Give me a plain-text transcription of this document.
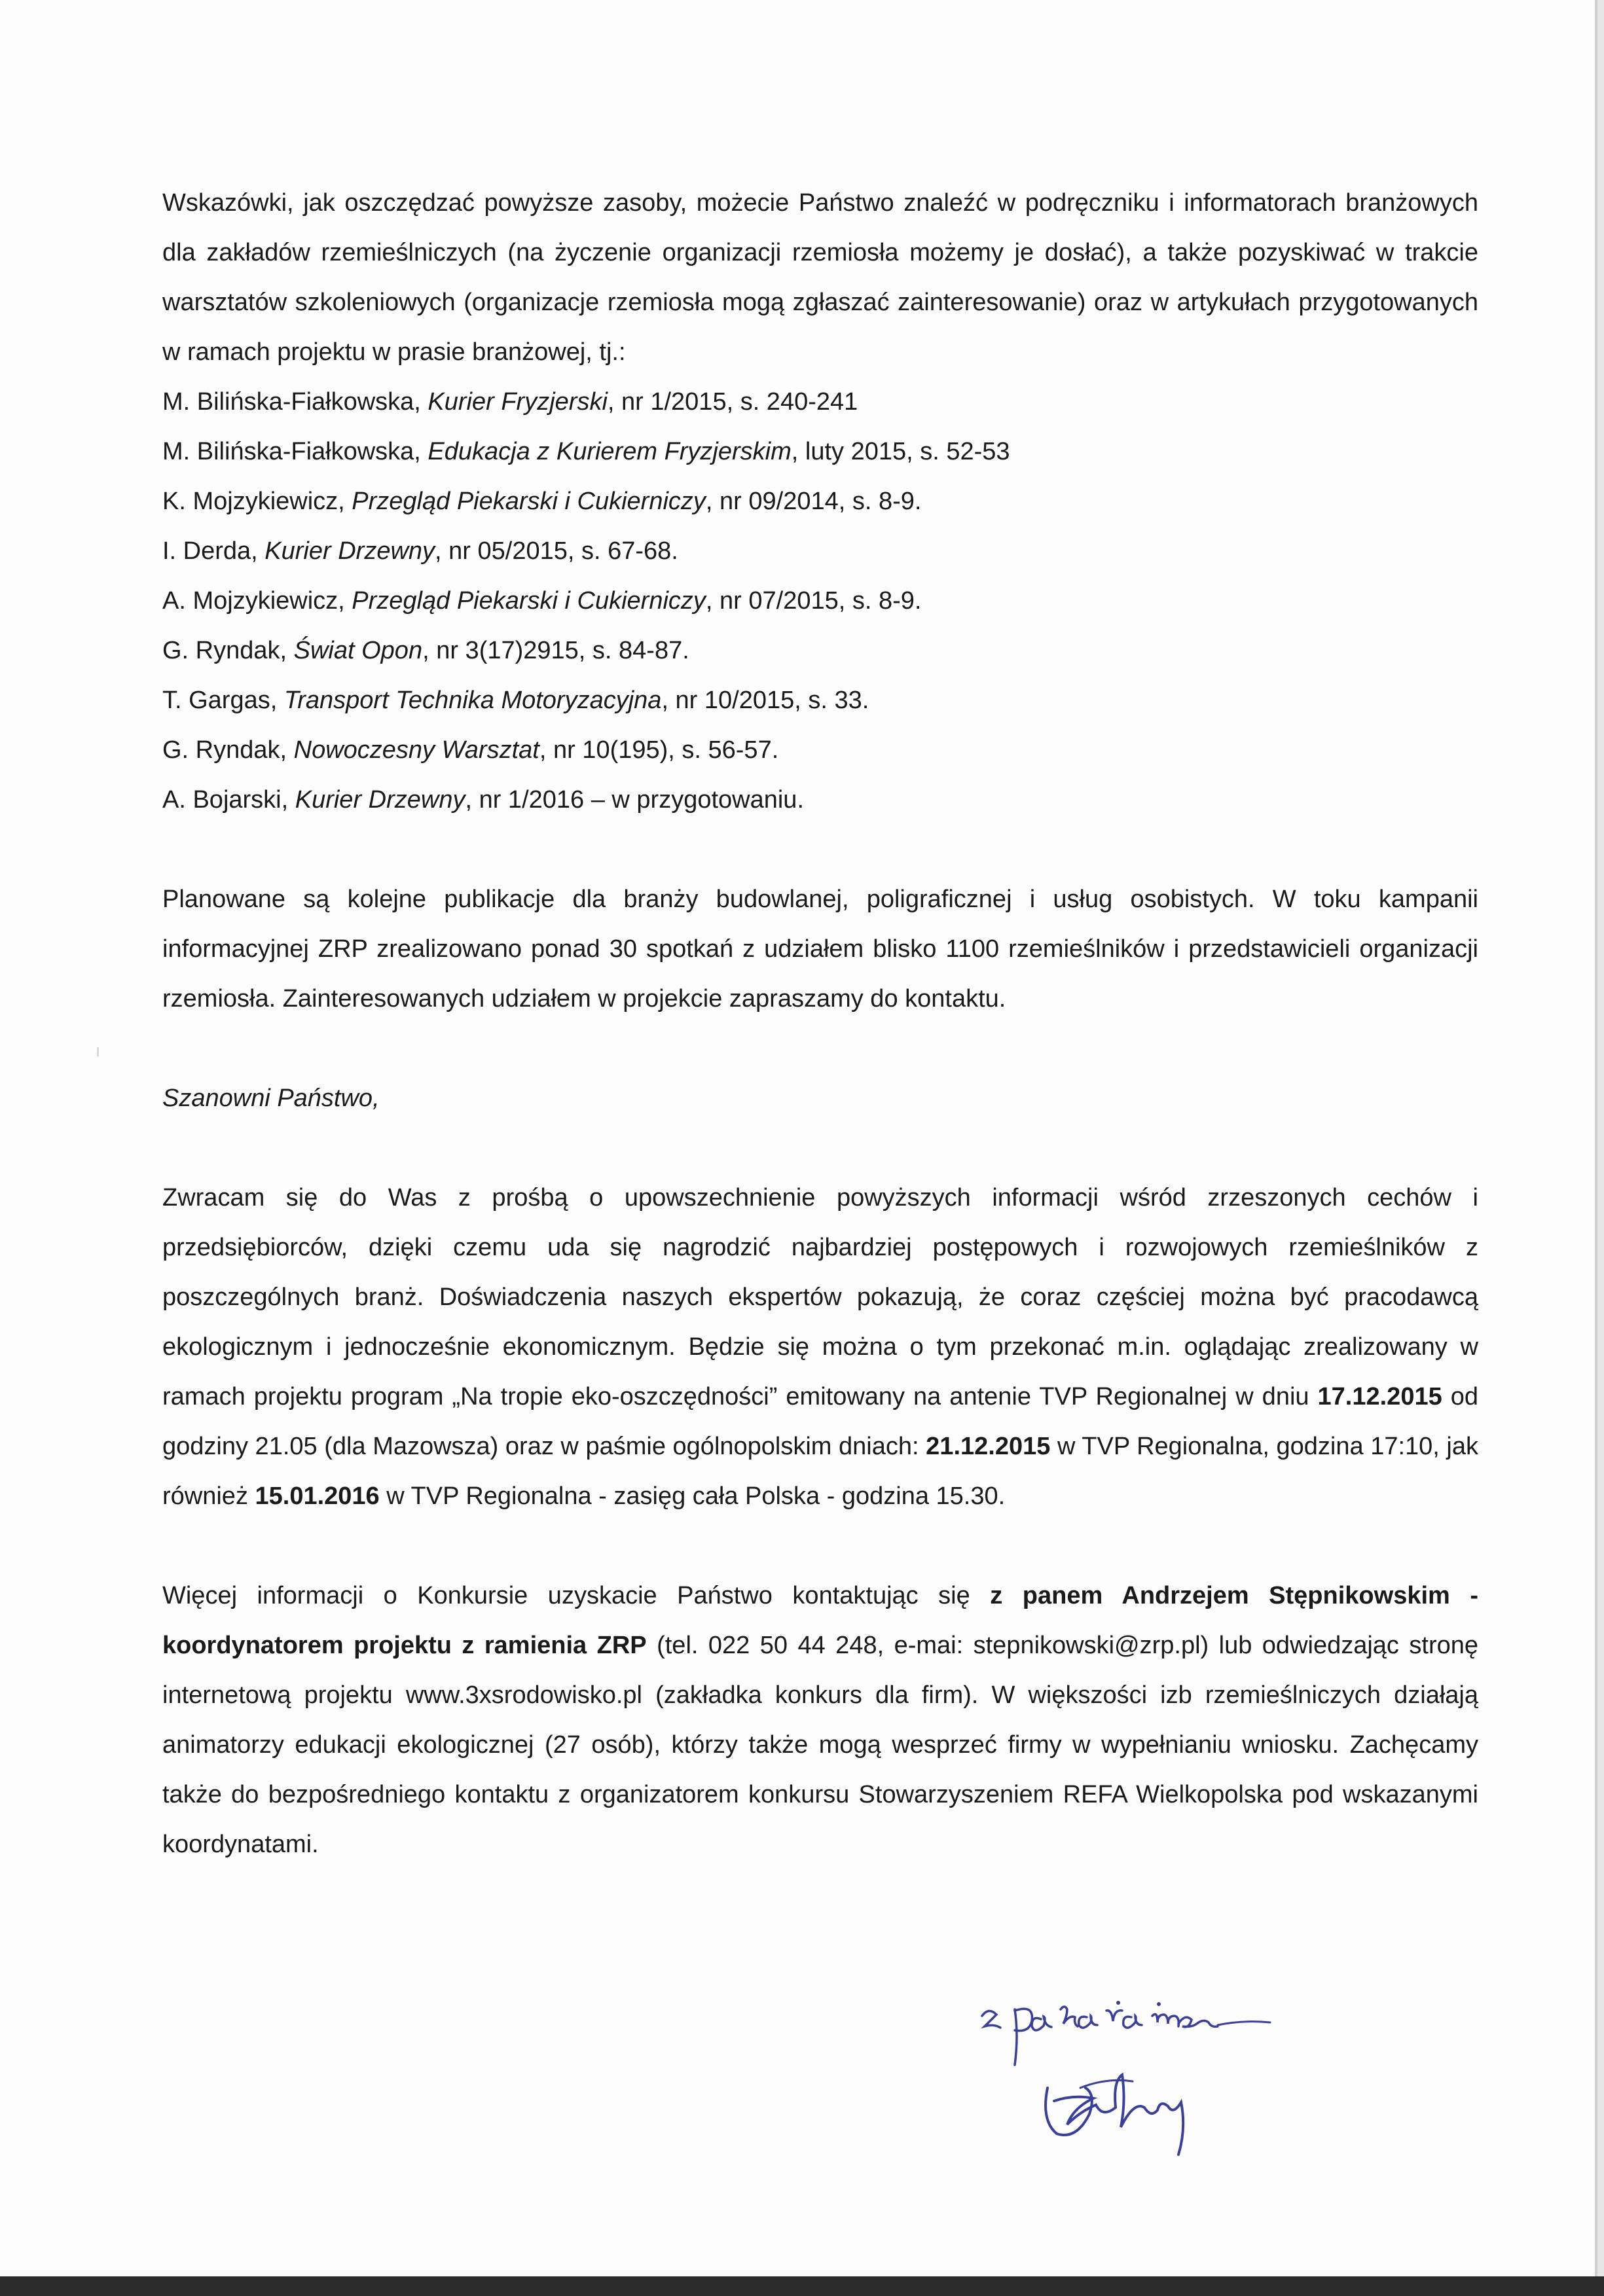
Wskazówki, jak oszczędzać powyższe zasoby, możecie Państwo znaleźć w podręczniku i informatorach branżowych dla zakładów rzemieślniczych (na życzenie organizacji rzemiosła możemy je dosłać), a także pozyskiwać w trakcie warsztatów szkoleniowych (organizacje rzemiosła mogą zgłaszać zainteresowanie) oraz w artykułach przygotowanych w ramach projektu w prasie branżowej, tj.:

M. Bilińska-Fiałkowska, Kurier Fryzjerski, nr 1/2015, s. 240-241
M. Bilińska-Fiałkowska, Edukacja z Kurierem Fryzjerskim, luty 2015, s. 52-53
K. Mojzykiewicz, Przegląd Piekarski i Cukierniczy, nr 09/2014, s. 8-9.
I. Derda, Kurier Drzewny, nr 05/2015, s. 67-68.
A. Mojzykiewicz, Przegląd Piekarski i Cukierniczy, nr 07/2015, s. 8-9.
G. Ryndak, Świat Opon, nr 3(17)2915, s. 84-87.
T. Gargas, Transport Technika Motoryzacyjna, nr 10/2015, s. 33.
G. Ryndak, Nowoczesny Warsztat, nr 10(195), s. 56-57.
A. Bojarski, Kurier Drzewny, nr 1/2016 – w przygotowaniu.

Planowane są kolejne publikacje dla branży budowlanej, poligraficznej i usług osobistych. W toku kampanii informacyjnej ZRP zrealizowano ponad 30 spotkań z udziałem blisko 1100 rzemieślników i przedstawicieli organizacji rzemiosła. Zainteresowanych udziałem w projekcie zapraszamy do kontaktu.

Szanowni Państwo,

Zwracam się do Was z prośbą o upowszechnienie powyższych informacji wśród zrzeszonych cechów i przedsiębiorców, dzięki czemu uda się nagrodzić najbardziej postępowych i rozwojowych rzemieślników z poszczególnych branż. Doświadczenia naszych ekspertów pokazują, że coraz częściej można być pracodawcą ekologicznym i jednocześnie ekonomicznym. Będzie się można o tym przekonać m.in. oglądając zrealizowany w ramach projektu program „Na tropie eko-oszczędności” emitowany na antenie TVP Regionalnej w dniu 17.12.2015 od godziny 21.05 (dla Mazowsza) oraz w paśmie ogólnopolskim dniach: 21.12.2015 w TVP Regionalna, godzina 17:10, jak również 15.01.2016 w TVP Regionalna - zasięg cała Polska - godzina 15.30.

Więcej informacji o Konkursie uzyskacie Państwo kontaktując się z panem Andrzejem Stępnikowskim - koordynatorem projektu z ramienia ZRP (tel. 022 50 44 248, e-mai: stepnikowski@zrp.pl) lub odwiedzając stronę internetową projektu www.3xsrodowisko.pl (zakładka konkurs dla firm). W większości izb rzemieślniczych działają animatorzy edukacji ekologicznej (27 osób), którzy także mogą wesprzeć firmy w wypełnianiu wniosku. Zachęcamy także do bezpośredniego kontaktu z organizatorem konkursu Stowarzyszeniem REFA Wielkopolska pod wskazanymi koordynatami.
